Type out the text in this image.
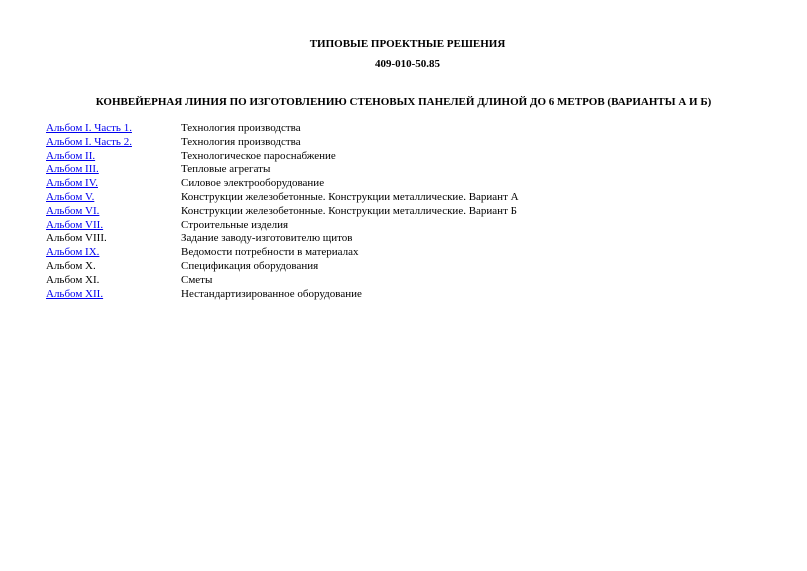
ТИПОВЫЕ ПРОЕКТНЫЕ РЕШЕНИЯ
409-010-50.85
КОНВЕЙЕРНАЯ ЛИНИЯ ПО ИЗГОТОВЛЕНИЮ СТЕНОВЫХ ПАНЕЛЕЙ ДЛИНОЙ ДО 6 МЕТРОВ (ВАРИАНТЫ А И Б)
Альбом I. Часть 1.	Технология производства
Альбом I. Часть 2.	Технология производства
Альбом II.	Технологическое пароснабжение
Альбом III.	Тепловые агрегаты
Альбом IV.	Силовое электрооборудование
Альбом V.	Конструкции железобетонные. Конструкции металлические. Вариант А
Альбом VI.	Конструкции железобетонные. Конструкции металлические. Вариант Б
Альбом VII.	Строительные изделия
Альбом VIII.	Задание заводу-изготовителю щитов
Альбом IX.	Ведомости потребности в материалах
Альбом X.	Спецификация оборудования
Альбом XI.	Сметы
Альбом XII.	Нестандартизированное оборудование
